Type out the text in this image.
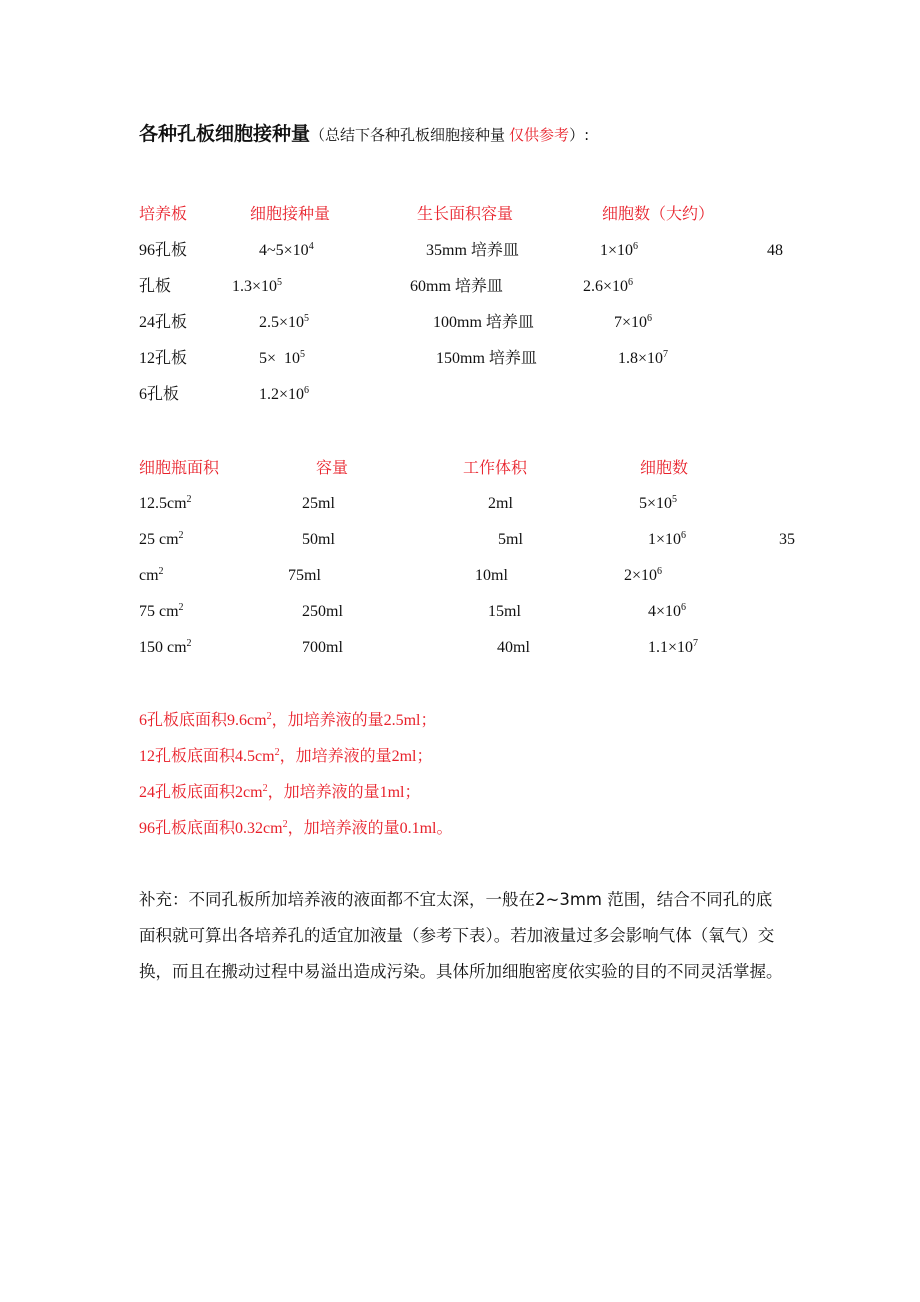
各种孔板细胞接种量（总结下各种孔板细胞接种量 仅供参考）:
培养板	细胞接种量	生长面积容量	细胞数（大约）
96孔板	$4\sim 5\times 10^4$	35mm 培养皿	$1\times 10^6$	48
孔板	$1.3\times 10^5$	60mm 培养皿	$2.6\times 10^6$
24孔板	$2.5\times 10^5$	100mm 培养皿	$7\times 10^6$
12孔板	$5\times 10^5$	150mm 培养皿	$1.8\times 10^7$
6孔板	$1.2\times 10^6$
细胞瓶面积	容量	工作体积	细胞数
$12.5cm^2$	25ml	2ml	$5\times 10^5$
25 $cm^2$	50ml	5ml	$1\times 10^6$	35
$cm^2$	75ml	10ml	$2\times 10^6$
75 $cm^2$	250ml	15ml	$4\times 10^6$
150 $cm^2$	700ml	40ml	$1.1\times 10^7$
6孔板底面积$9.6cm^2$，加培养液的量2.5ml；
12孔板底面积$4.5cm^2$，加培养液的量2ml；
24孔板底面积$2cm^2$，加培养液的量1ml；
96孔板底面积$0.32cm^2$，加培养液的量0.1ml。
补充：不同孔板所加培养液的液面都不宜太深，一般在2~3mm 范围，结合不同孔的底面积就可算出各培养孔的适宜加液量（参考下表）。若加液量过多会影响气体（氧气）交换，而且在搬动过程中易溢出造成污染。具体所加细胞密度依实验的目的不同灵活掌握。
